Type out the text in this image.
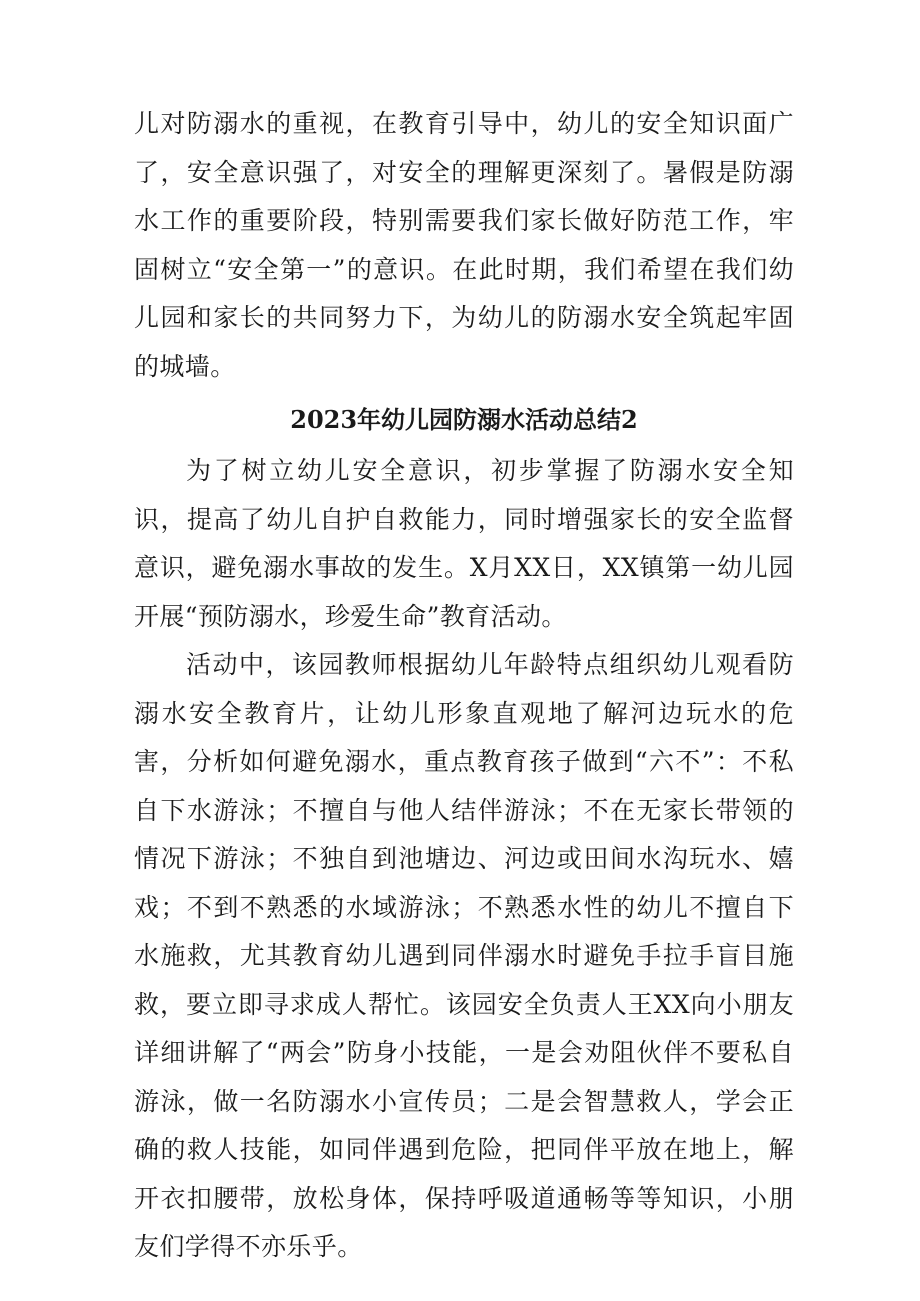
儿对防溺水的重视，在教育引导中，幼儿的安全知识面广了，安全意识强了，对安全的理解更深刻了。暑假是防溺水工作的重要阶段，特别需要我们家长做好防范工作，牢固树立“安全第一”的意识。在此时期，我们希望在我们幼儿园和家长的共同努力下，为幼儿的防溺水安全筑起牢固的城墙。

2023年幼儿园防溺水活动总结2

为了树立幼儿安全意识，初步掌握了防溺水安全知识，提高了幼儿自护自救能力，同时增强家长的安全监督意识，避免溺水事故的发生。X月XX日，XX镇第一幼儿园开展“预防溺水，珍爱生命”教育活动。

活动中，该园教师根据幼儿年龄特点组织幼儿观看防溺水安全教育片，让幼儿形象直观地了解河边玩水的危害，分析如何避免溺水，重点教育孩子做到“六不”：不私自下水游泳；不擅自与他人结伴游泳；不在无家长带领的情况下游泳；不独自到池塘边、河边或田间水沟玩水、嬉戏；不到不熟悉的水域游泳；不熟悉水性的幼儿不擅自下水施救，尤其教育幼儿遇到同伴溺水时避免手拉手盲目施救，要立即寻求成人帮忙。该园安全负责人王XX向小朋友详细讲解了“两会”防身小技能，一是会劝阻伙伴不要私自游泳，做一名防溺水小宣传员；二是会智慧救人，学会正确的救人技能，如同伴遇到危险，把同伴平放在地上，解开衣扣腰带，放松身体，保持呼吸道通畅等等知识，小朋友们学得不亦乐乎。
